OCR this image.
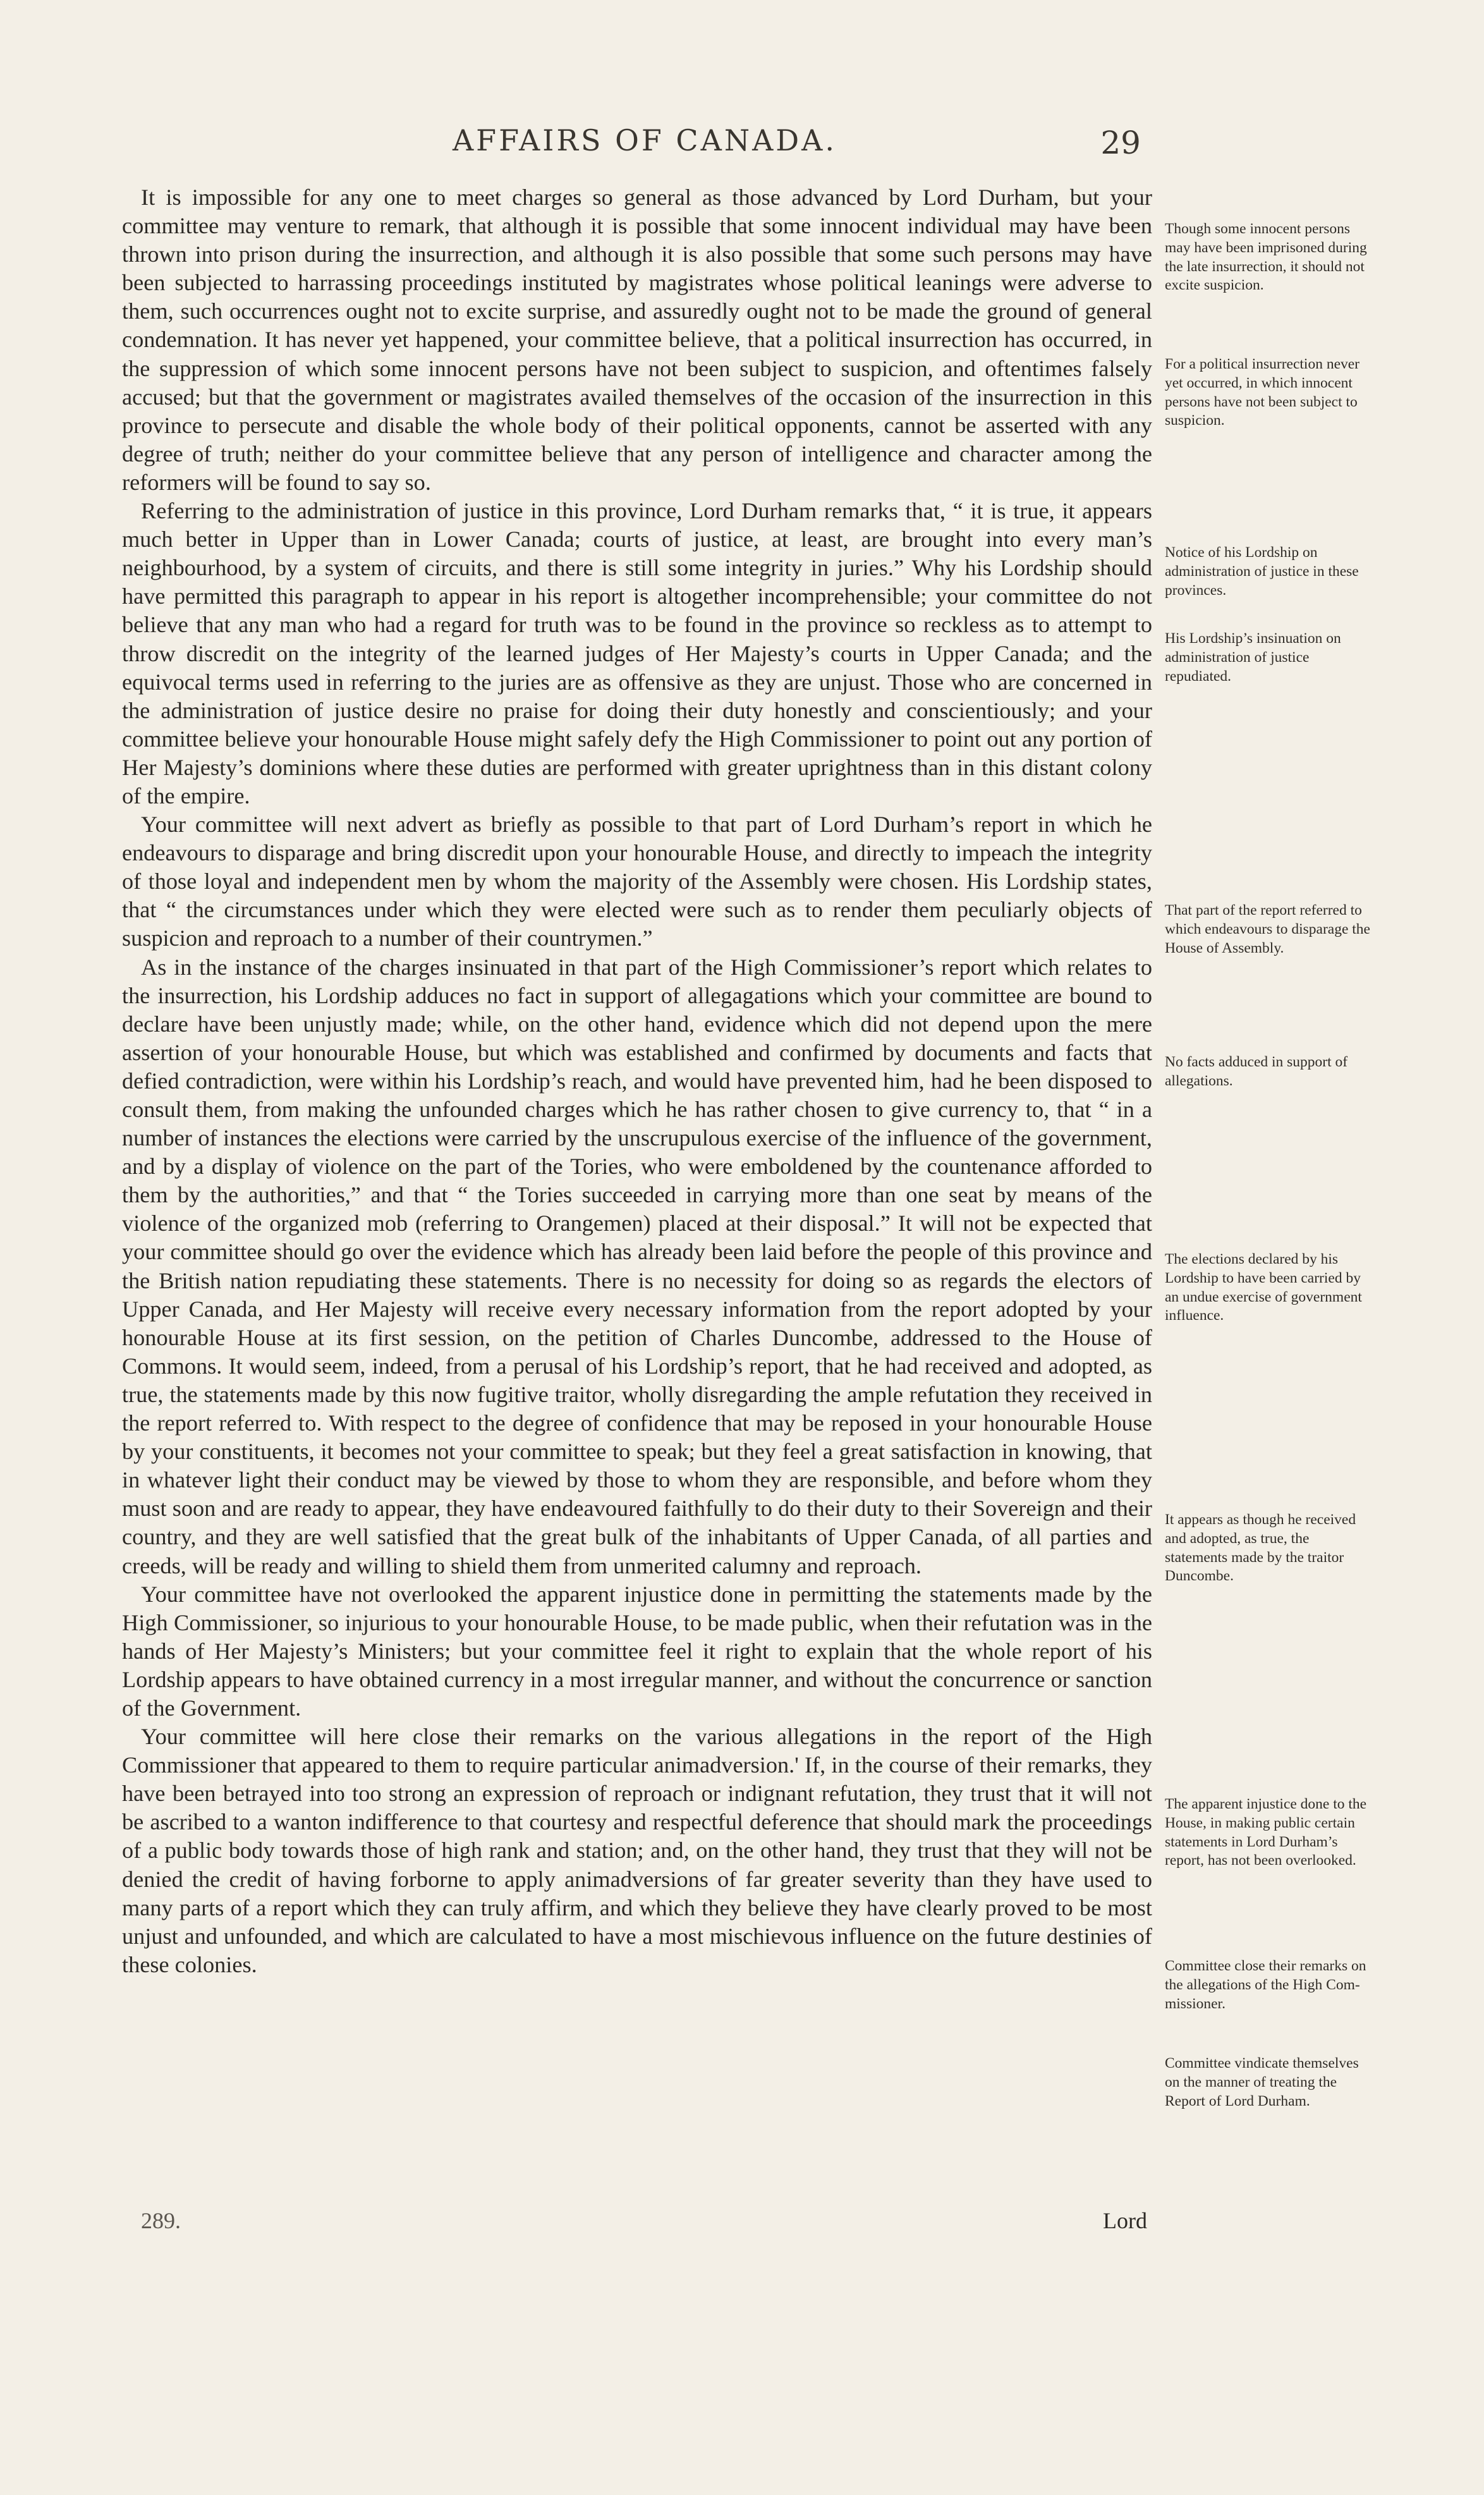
AFFAIRS OF CANADA.	29

It is impossible for any one to meet charges so general as those advanced by Lord Durham, but your committee may venture to remark, that although it is possible that some innocent individual may have been thrown into prison during the insurrection, and although it is also possible that some such persons may have been subjected to harrassing proceedings instituted by magistrates whose political leanings were adverse to them, such occurrences ought not to excite surprise, and assuredly ought not to be made the ground of general condemnation. It has never yet happened, your committee believe, that a political insurrection has occurred, in the suppression of which some innocent persons have not been subject to suspicion, and oftentimes falsely accused; but that the government or magistrates availed themselves of the occasion of the insurrection in this province to persecute and disable the whole body of their political opponents, cannot be asserted with any degree of truth; neither do your committee believe that any person of intelligence and character among the reformers will be found to say so.

Referring to the administration of justice in this province, Lord Durham remarks that, “ it is true, it appears much better in Upper than in Lower Canada; courts of justice, at least, are brought into every man’s neighbourhood, by a system of circuits, and there is still some integrity in juries.” Why his Lordship should have permitted this paragraph to appear in his report is altogether incomprehensible; your committee do not believe that any man who had a regard for truth was to be found in the province so reckless as to attempt to throw discredit on the integrity of the learned judges of Her Majesty’s courts in Upper Canada; and the equivocal terms used in referring to the juries are as offensive as they are unjust. Those who are concerned in the administration of justice desire no praise for doing their duty honestly and conscientiously; and your committee believe your honourable House might safely defy the High Commissioner to point out any portion of Her Majesty’s dominions where these duties are performed with greater uprightness than in this distant colony of the empire.

Your committee will next advert as briefly as possible to that part of Lord Durham’s report in which he endeavours to disparage and bring discredit upon your honourable House, and directly to impeach the integrity of those loyal and independent men by whom the majority of the Assembly were chosen. His Lordship states, that “ the circumstances under which they were elected were such as to render them peculiarly objects of suspicion and reproach to a number of their countrymen.”

As in the instance of the charges insinuated in that part of the High Commissioner’s report which relates to the insurrection, his Lordship adduces no fact in support of allegagations which your committee are bound to declare have been unjustly made; while, on the other hand, evidence which did not depend upon the mere assertion of your honourable House, but which was established and confirmed by documents and facts that defied contradiction, were within his Lordship’s reach, and would have prevented him, had he been disposed to consult them, from making the unfounded charges which he has rather chosen to give currency to, that “ in a number of instances the elections were carried by the unscrupulous exercise of the influence of the government, and by a display of violence on the part of the Tories, who were emboldened by the countenance afforded to them by the authorities,” and that “ the Tories succeeded in carrying more than one seat by means of the violence of the organized mob (referring to Orangemen) placed at their disposal.” It will not be expected that your committee should go over the evidence which has already been laid before the people of this province and the British nation repudiating these statements. There is no necessity for doing so as regards the electors of Upper Canada, and Her Majesty will receive every necessary information from the report adopted by your honourable House at its first session, on the petition of Charles Duncombe, addressed to the House of Commons. It would seem, indeed, from a perusal of his Lordship’s report, that he had received and adopted, as true, the statements made by this now fugitive traitor, wholly disregarding the ample refutation they received in the report referred to. With respect to the degree of confidence that may be reposed in your honourable House by your constituents, it becomes not your committee to speak; but they feel a great satisfaction in knowing, that in whatever light their conduct may be viewed by those to whom they are responsible, and before whom they must soon and are ready to appear, they have endeavoured faithfully to do their duty to their Sovereign and their country, and they are well satisfied that the great bulk of the inhabitants of Upper Canada, of all parties and creeds, will be ready and willing to shield them from unmerited calumny and reproach.

Your committee have not overlooked the apparent injustice done in permitting the statements made by the High Commissioner, so injurious to your honourable House, to be made public, when their refutation was in the hands of Her Majesty’s Ministers; but your committee feel it right to explain that the whole report of his Lordship appears to have obtained currency in a most irregular manner, and without the concurrence or sanction of the Government.

Your committee will here close their remarks on the various allegations in the report of the High Commissioner that appeared to them to require particular animadversion.' If, in the course of their remarks, they have been betrayed into too strong an expression of reproach or indignant refutation, they trust that it will not be ascribed to a wanton indifference to that courtesy and respectful deference that should mark the proceedings of a public body towards those of high rank and station; and, on the other hand, they trust that they will not be denied the credit of having forborne to apply animadversions of far greater severity than they have used to many parts of a report which they can truly affirm, and which they believe they have clearly proved to be most unjust and unfounded, and which are calculated to have a most mischievous influence on the future destinies of these colonies.

Though some innocent persons may have been imprisoned during the late insurrection, it should not excite suspicion.
For a political insurrection never yet occurred, in which innocent persons have not been subject to suspicion.
Notice of his Lordship on administration of justice in these provinces.
His Lordship’s insinuation on administration of justice repudiated.
That part of the report referred to which endeavours to disparage the House of Assembly.
No facts adduced in support of allegations.
The elections declared by his Lordship to have been carried by an undue exercise of government influence.
It appears as though he received and adopted, as true, the statements made by the traitor Duncombe.
The apparent injustice done to the House, in making public certain statements in Lord Durham’s report, has not been overlooked.
Committee close their remarks on the allegations of the High Commissioner.
Committee vindicate themselves on the manner of treating the Report of Lord Durham.
289.	Lord
